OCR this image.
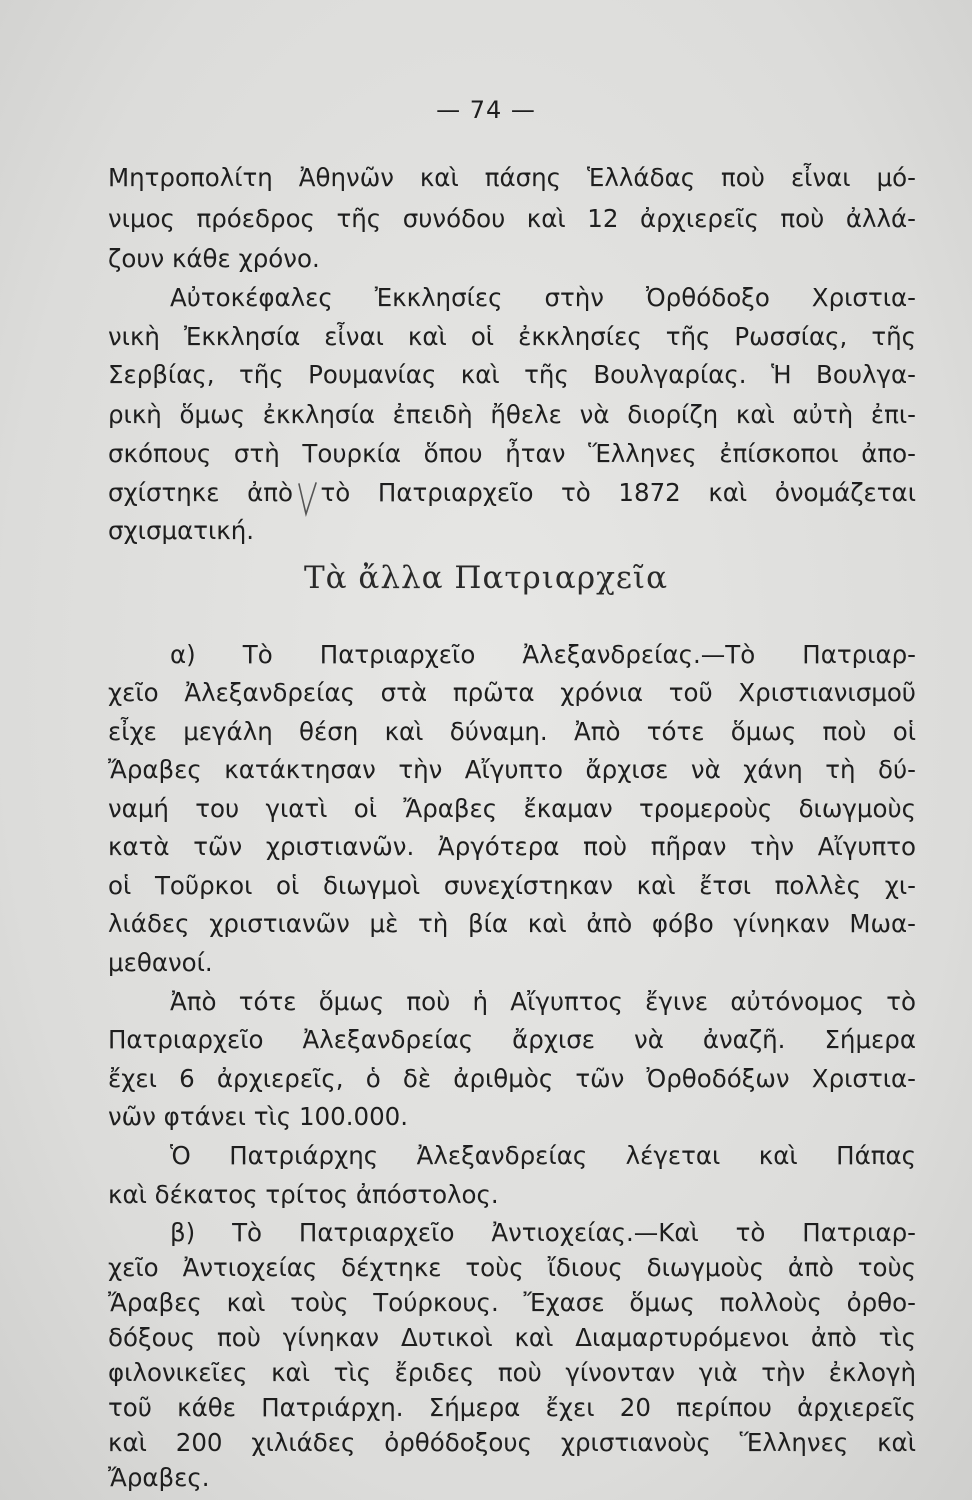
— 74 —
Μητροπολίτη Ἀθηνῶν καὶ πάσης Ἑλλάδας ποὺ εἶναι μό-
νιμος πρόεδρος τῆς συνόδου καὶ 12 ἀρχιερεῖς ποὺ ἀλλά-
ζουν κάθε χρόνο.
Αὐτοκέφαλες Ἐκκλησίες στὴν Ὀρθόδοξο Χριστια-
νικὴ Ἐκκλησία εἶναι καὶ οἱ ἐκκλησίες τῆς Ρωσσίας, τῆς
Σερβίας, τῆς Ρουμανίας καὶ τῆς Βουλγαρίας. Ἡ Βουλγα-
ρικὴ ὅμως ἐκκλησία ἐπειδὴ ἤθελε νὰ διορίζη καὶ αὐτὴ ἐπι-
σκόπους στὴ Τουρκία ὅπου ἦταν Ἕλληνες ἐπίσκοποι ἀπο-
σχίστηκε ἀπὸ τὸ Πατριαρχεῖο τὸ 1872 καὶ ὀνομάζεται
σχισματική.
Τὰ ἄλλα Πατριαρχεῖα
α) Τὸ Πατριαρχεῖο Ἀλεξανδρείας.—Τὸ Πατριαρ-
χεῖο Ἀλεξανδρείας στὰ πρῶτα χρόνια τοῦ Χριστιανισμοῦ
εἶχε μεγάλη θέση καὶ δύναμη. Ἀπὸ τότε ὅμως ποὺ οἱ
Ἄραβες κατάκτησαν τὴν Αἴγυπτο ἄρχισε νὰ χάνη τὴ δύ-
ναμή του γιατὶ οἱ Ἄραβες ἔκαμαν τρομεροὺς διωγμοὺς
κατὰ τῶν χριστιανῶν. Ἀργότερα ποὺ πῆραν τὴν Αἴγυπτο
οἱ Τοῦρκοι οἱ διωγμοὶ συνεχίστηκαν καὶ ἔτσι πολλὲς χι-
λιάδες χριστιανῶν μὲ τὴ βία καὶ ἀπὸ φόβο γίνηκαν Μωα-
μεθανοί.
Ἀπὸ τότε ὅμως ποὺ ἡ Αἴγυπτος ἔγινε αὐτόνομος τὸ
Πατριαρχεῖο Ἀλεξανδρείας ἄρχισε νὰ ἀναζῆ. Σήμερα
ἔχει 6 ἀρχιερεῖς, ὁ δὲ ἀριθμὸς τῶν Ὀρθοδόξων Χριστια-
νῶν φτάνει τὶς 100.000.
Ὁ Πατριάρχης Ἀλεξανδρείας λέγεται καὶ Πάπας
καὶ δέκατος τρίτος ἀπόστολος.
β) Τὸ Πατριαρχεῖο Ἀντιοχείας.—Καὶ τὸ Πατριαρ-
χεῖο Ἀντιοχείας δέχτηκε τοὺς ἴδιους διωγμοὺς ἀπὸ τοὺς
Ἄραβες καὶ τοὺς Τούρκους. Ἔχασε ὅμως πολλοὺς ὀρθο-
δόξους ποὺ γίνηκαν Δυτικοὶ καὶ Διαμαρτυρόμενοι ἀπὸ τὶς
φιλονικεῖες καὶ τὶς ἔριδες ποὺ γίνονταν γιὰ τὴν ἐκλογὴ
τοῦ κάθε Πατριάρχη. Σήμερα ἔχει 20 περίπου ἀρχιερεῖς
καὶ 200 χιλιάδες ὀρθόδοξους χριστιανοὺς Ἕλληνες καὶ
Ἄραβες.
